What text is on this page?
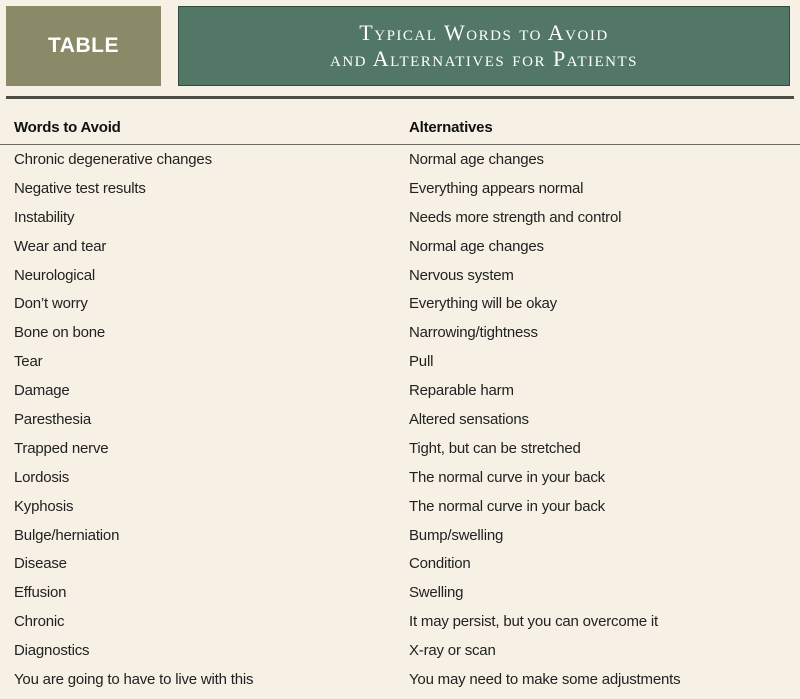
TABLE
Typical Words to Avoid
and Alternatives for Patients
Words to Avoid	Alternatives
Chronic degenerative changes	Normal age changes
Negative test results	Everything appears normal
Instability	Needs more strength and control
Wear and tear	Normal age changes
Neurological	Nervous system
Don’t worry	Everything will be okay
Bone on bone	Narrowing/tightness
Tear	Pull
Damage	Reparable harm
Paresthesia	Altered sensations
Trapped nerve	Tight, but can be stretched
Lordosis	The normal curve in your back
Kyphosis	The normal curve in your back
Bulge/herniation	Bump/swelling
Disease	Condition
Effusion	Swelling
Chronic	It may persist, but you can overcome it
Diagnostics	X-ray or scan
You are going to have to live with this	You may need to make some adjustments
